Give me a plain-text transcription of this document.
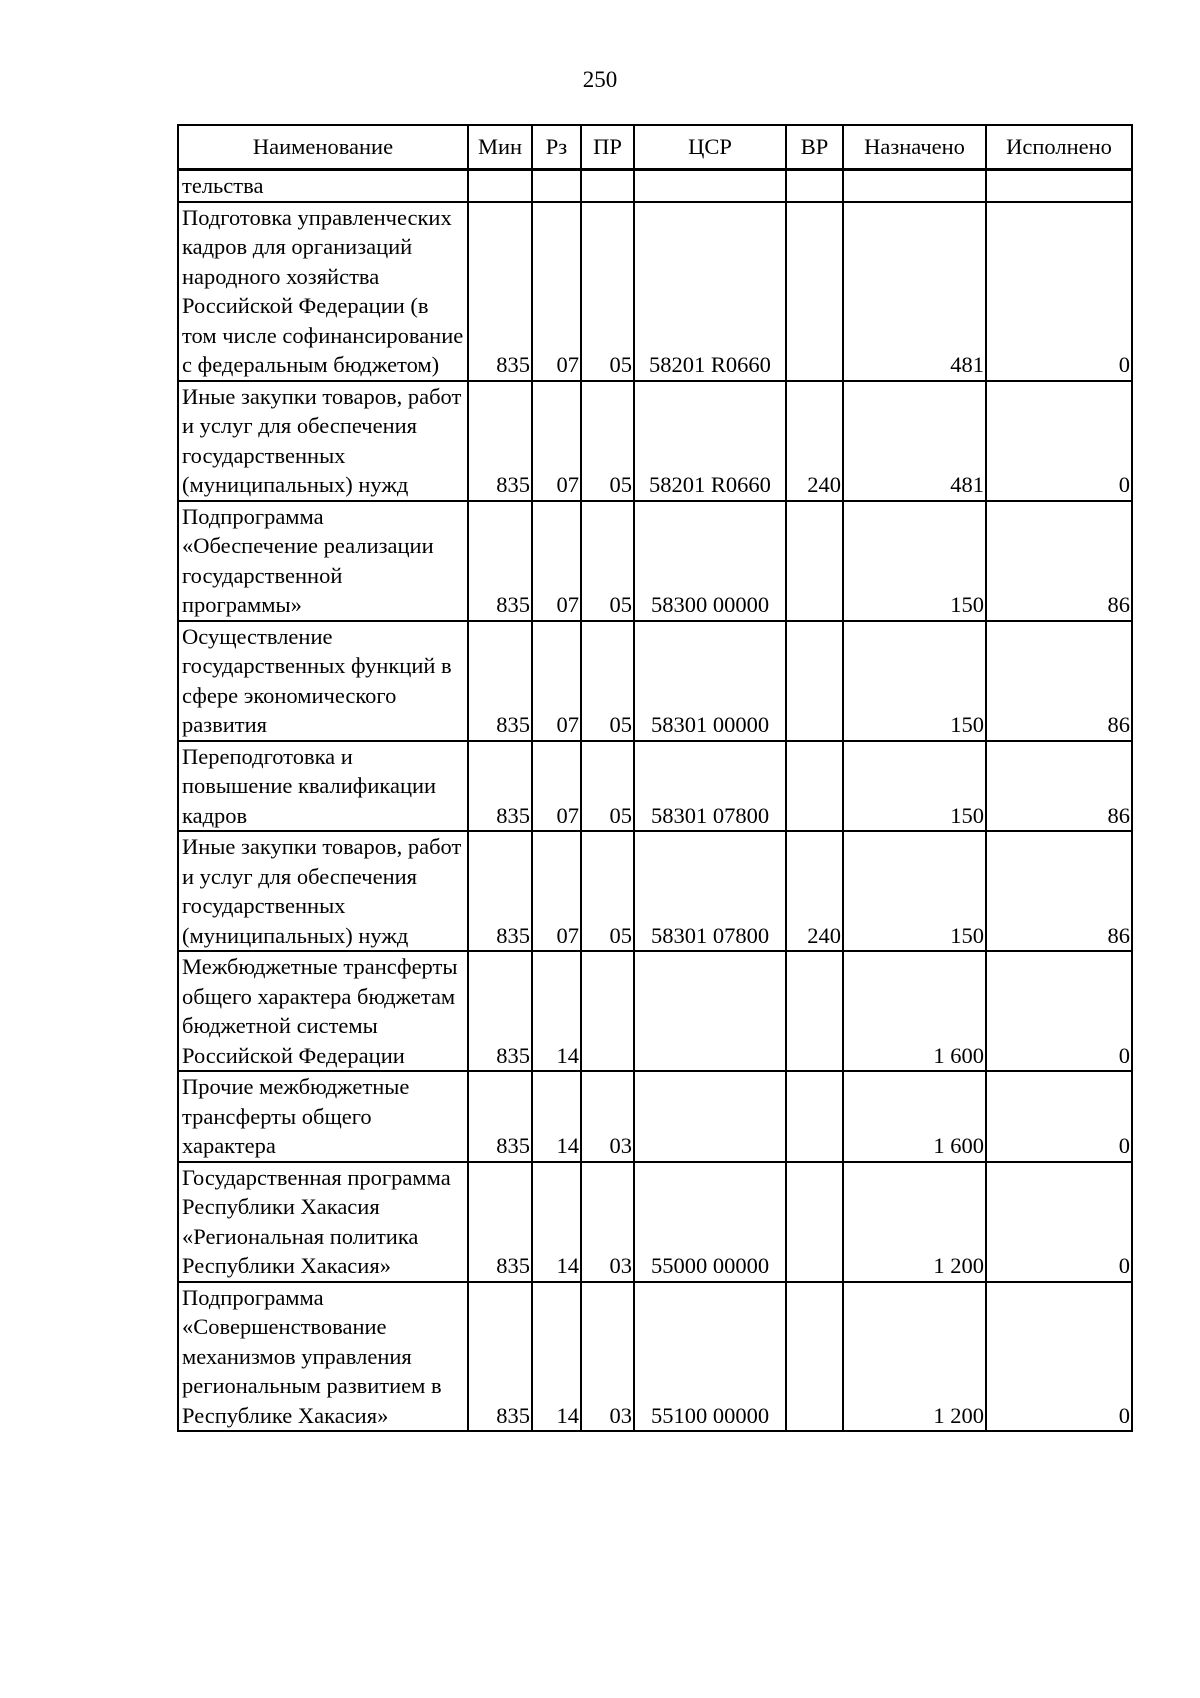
250
Наименование	Мин	Рз	ПР	ЦСР	ВР	Назначено	Исполнено
тельства							
Подготовка управленческих кадров для организаций народного хозяйства Российской Федерации (в том числе софинансирование с федеральным бюджетом)	835	07	05	58201 R0660		481	0
Иные закупки товаров, работ и услуг для обеспечения государственных (муниципальных) нужд	835	07	05	58201 R0660	240	481	0
Подпрограмма «Обеспечение реализации государственной программы»	835	07	05	58300 00000		150	86
Осуществление государственных функций в сфере экономического развития	835	07	05	58301 00000		150	86
Переподготовка и повышение квалификации кадров	835	07	05	58301 07800		150	86
Иные закупки товаров, работ и услуг для обеспечения государственных (муниципальных) нужд	835	07	05	58301 07800	240	150	86
Межбюджетные трансферты общего характера бюджетам бюджетной системы Российской Федерации	835	14				1 600	0
Прочие межбюджетные трансферты общего характера	835	14	03			1 600	0
Государственная программа Республики Хакасия «Региональная политика Республики Хакасия»	835	14	03	55000 00000		1 200	0
Подпрограмма «Совершенствование механизмов управления региональным развитием в Республике Хакасия»	835	14	03	55100 00000		1 200	0
